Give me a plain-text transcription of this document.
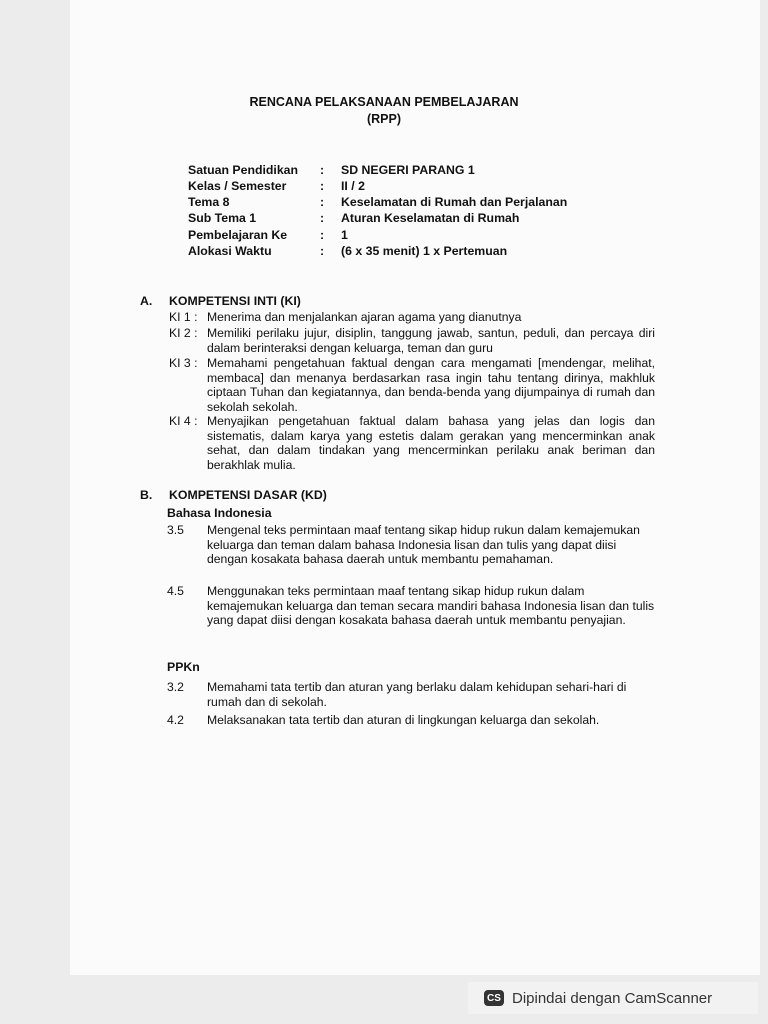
RENCANA PELAKSANAAN PEMBELAJARAN
(RPP)
Satuan Pendidikan : SD NEGERI PARANG 1
Kelas / Semester	: II / 2
Tema 8	: Keselamatan di Rumah dan Perjalanan
Sub Tema 1	: Aturan Keselamatan di Rumah
Pembelajaran Ke	: 1
Alokasi Waktu	: (6 x 35 menit) 1 x Pertemuan
A. KOMPETENSI INTI (KI)
KI 1 : Menerima dan menjalankan ajaran agama yang dianutnya
KI 2 : Memiliki perilaku jujur, disiplin, tanggung jawab, santun, peduli, dan percaya diri dalam berinteraksi dengan keluarga, teman dan guru
KI 3 : Memahami pengetahuan faktual dengan cara mengamati [mendengar, melihat, membaca] dan menanya berdasarkan rasa ingin tahu tentang dirinya, makhluk ciptaan Tuhan dan kegiatannya, dan benda-benda yang dijumpainya di rumah dan sekolah sekolah.
KI 4 : Menyajikan pengetahuan faktual dalam bahasa yang jelas dan logis dan sistematis, dalam karya yang estetis dalam gerakan yang mencerminkan anak sehat, dan dalam tindakan yang mencerminkan perilaku anak beriman dan berakhlak mulia.
B. KOMPETENSI DASAR (KD)
Bahasa Indonesia
3.5 Mengenal teks permintaan maaf tentang sikap hidup rukun dalam kemajemukan keluarga dan teman dalam bahasa Indonesia lisan dan tulis yang dapat diisi dengan kosakata bahasa daerah untuk membantu pemahaman.
4.5 Menggunakan teks permintaan maaf tentang sikap hidup rukun dalam kemajemukan keluarga dan teman secara mandiri bahasa Indonesia lisan dan tulis yang dapat diisi dengan kosakata bahasa daerah untuk membantu penyajian.
PPKn
3.2 Memahami tata tertib dan aturan yang berlaku dalam kehidupan sehari-hari di rumah dan di sekolah.
4.2 Melaksanakan tata tertib dan aturan di lingkungan keluarga dan sekolah.
CS Dipindai dengan CamScanner
